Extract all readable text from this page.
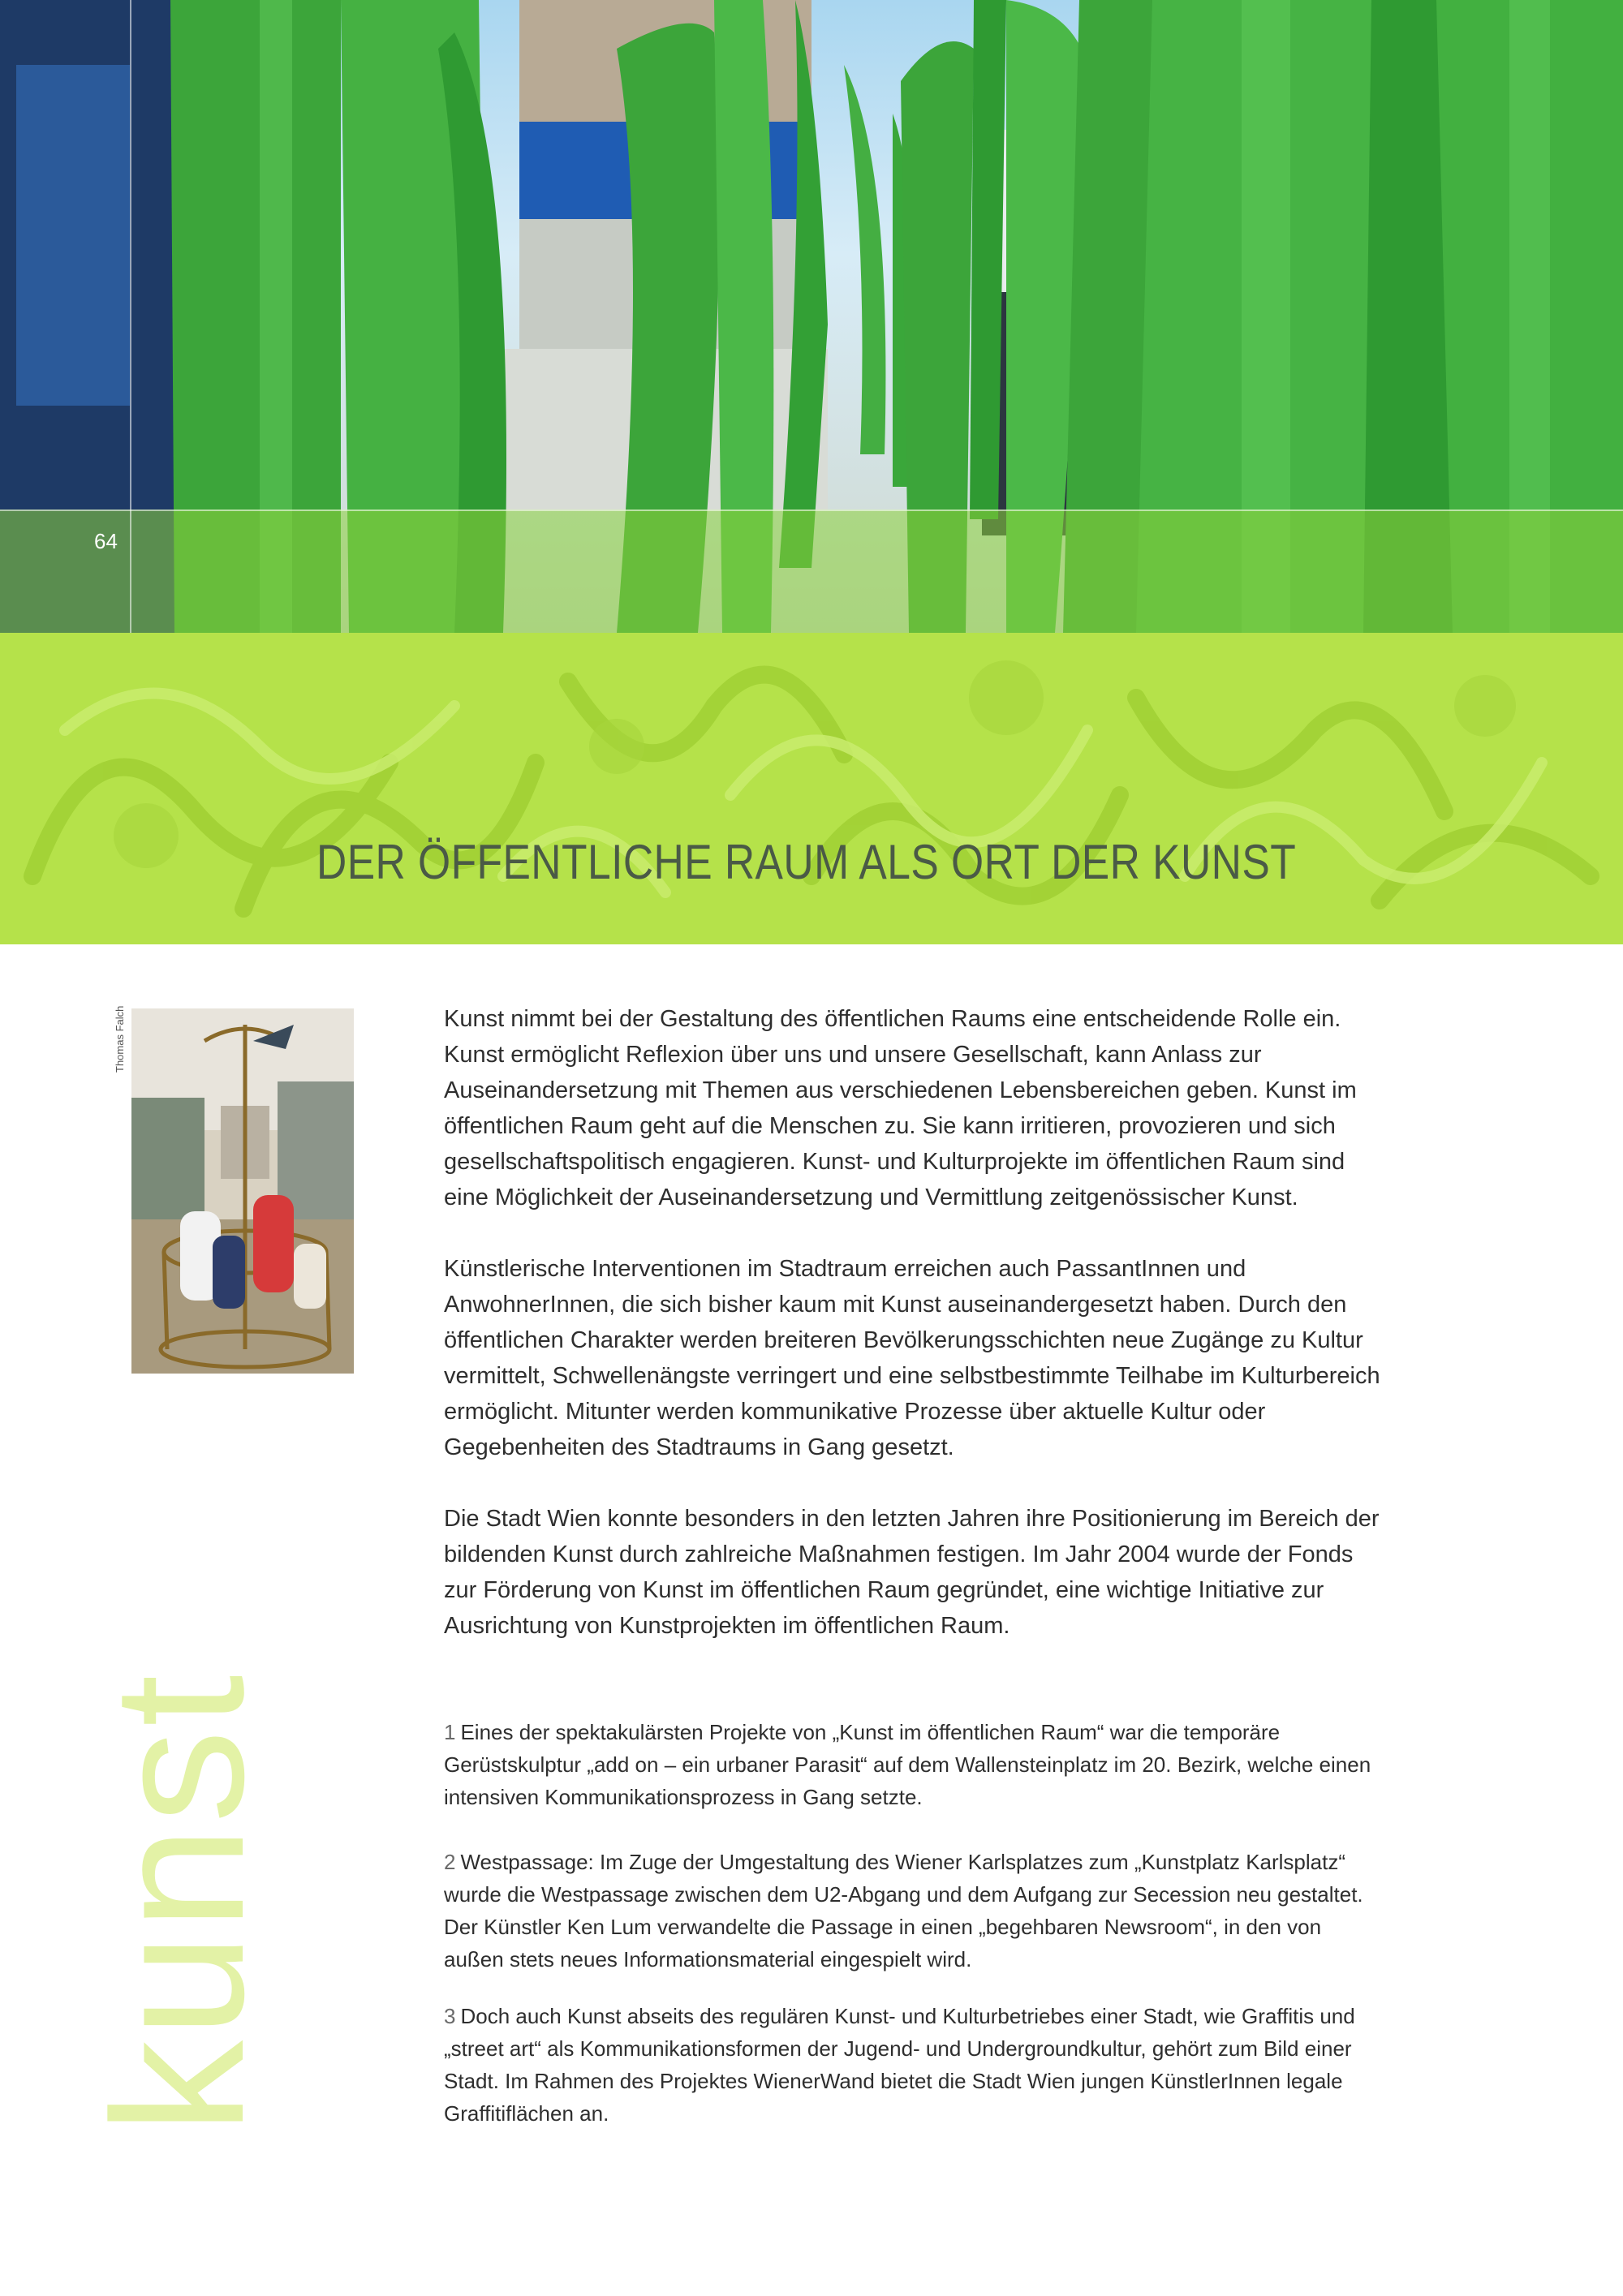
64
DER ÖFFENTLICHE RAUM ALS ORT DER KUNST
Thomas Falch
kunst

Kunst nimmt bei der Gestaltung des öffentlichen Raums eine entscheidende Rolle ein. Kunst ermöglicht Reflexion über uns und unsere Gesellschaft, kann Anlass zur Auseinandersetzung mit Themen aus verschiedenen Lebensbereichen geben. Kunst im öffentlichen Raum geht auf die Menschen zu. Sie kann irritieren, provozieren und sich gesellschaftspolitisch engagieren. Kunst- und Kulturprojekte im öffentlichen Raum sind eine Möglichkeit der Auseinandersetzung und Vermittlung zeitgenössischer Kunst.

Künstlerische Interventionen im Stadtraum erreichen auch PassantInnen und AnwohnerInnen, die sich bisher kaum mit Kunst auseinandergesetzt haben. Durch den öffentlichen Charakter werden breiteren Bevölkerungsschichten neue Zugänge zu Kultur vermittelt, Schwellenängste verringert und eine selbstbestimmte Teilhabe im Kulturbereich ermöglicht. Mitunter werden kommunikative Prozesse über aktuelle Kultur oder Gegebenheiten des Stadtraums in Gang gesetzt.

Die Stadt Wien konnte besonders in den letzten Jahren ihre Positionierung im Bereich der bildenden Kunst durch zahlreiche Maßnahmen festigen. Im Jahr 2004 wurde der Fonds zur Förderung von Kunst im öffentlichen Raum gegründet, eine wichtige Initiative zur Ausrichtung von Kunstprojekten im öffentlichen Raum.

1 Eines der spektakulärsten Projekte von „Kunst im öffentlichen Raum“ war die temporäre Gerüstskulptur „add on – ein urbaner Parasit“ auf dem Wallensteinplatz im 20. Bezirk, welche einen intensiven Kommunikationsprozess in Gang setzte.

2 Westpassage: Im Zuge der Umgestaltung des Wiener Karlsplatzes zum „Kunstplatz Karlsplatz“ wurde die Westpassage zwischen dem U2-Abgang und dem Aufgang zur Secession neu gestaltet. Der Künstler Ken Lum verwandelte die Passage in einen „begehbaren Newsroom“, in den von außen stets neues Informationsmaterial eingespielt wird.

3 Doch auch Kunst abseits des regulären Kunst- und Kulturbetriebes einer Stadt, wie Graffitis und „street art“ als Kommunikationsformen der Jugend- und Undergroundkultur, gehört zum Bild einer Stadt. Im Rahmen des Projektes WienerWand bietet die Stadt Wien jungen KünstlerInnen legale Graffitiflächen an.
